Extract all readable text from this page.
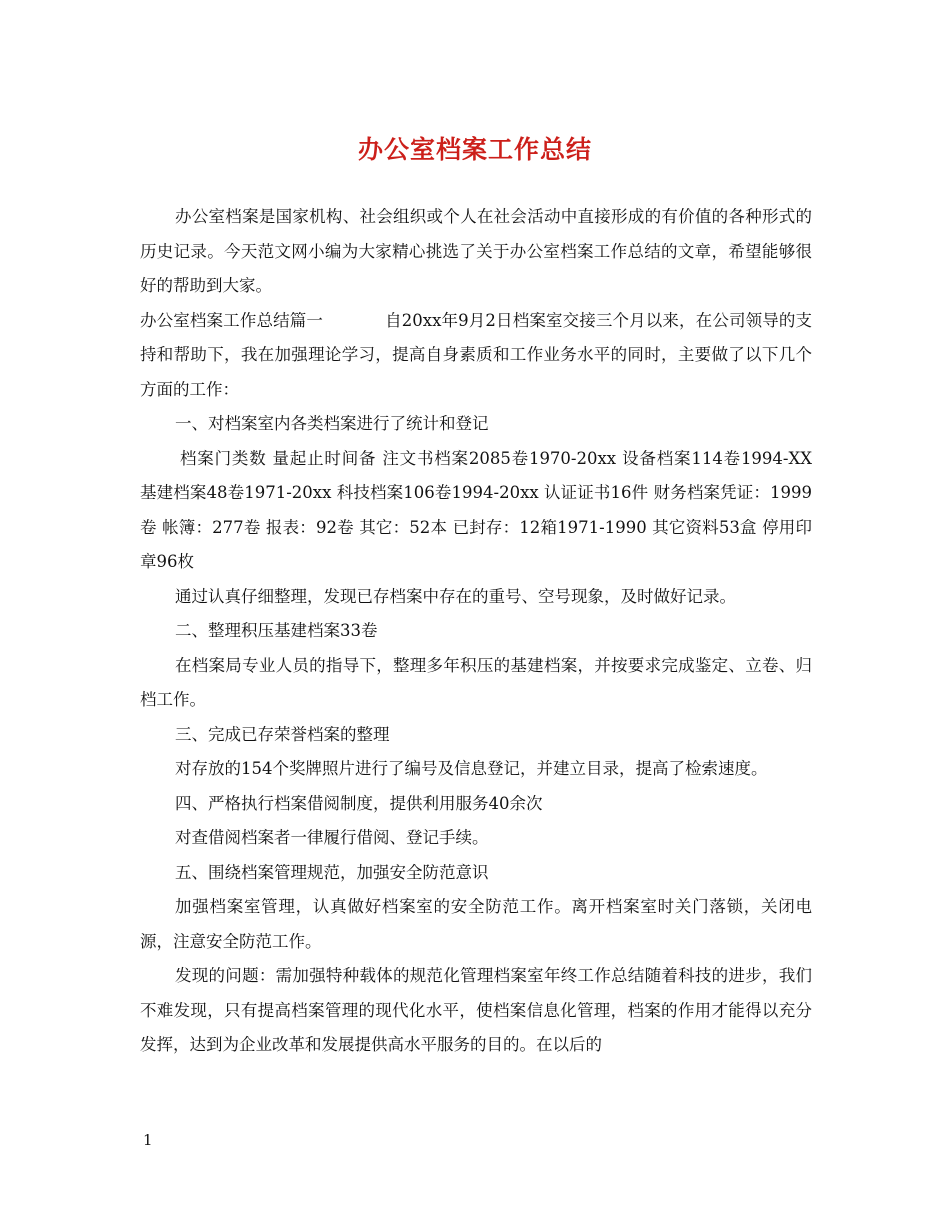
办公室档案工作总结

办公室档案是国家机构、社会组织或个人在社会活动中直接形成的有价值的各种形式的历史记录。今天范文网小编为大家精心挑选了关于办公室档案工作总结的文章，希望能够很好的帮助到大家。

办公室档案工作总结篇一	自20xx年9月2日档案室交接三个月以来，在公司领导的支持和帮助下，我在加强理论学习，提高自身素质和工作业务水平的同时，主要做了以下几个方面的工作：

一、对档案室内各类档案进行了统计和登记

档案门类数 量起止时间备 注文书档案2085卷1970-20xx 设备档案114卷1994-XX 基建档案48卷1971-20xx 科技档案106卷1994-20xx 认证证书16件 财务档案凭证：1999卷 帐簿：277卷 报表：92卷 其它：52本 已封存：12箱1971-1990 其它资料53盒 停用印章96枚

通过认真仔细整理，发现已存档案中存在的重号、空号现象，及时做好记录。

二、整理积压基建档案33卷

在档案局专业人员的指导下，整理多年积压的基建档案，并按要求完成鉴定、立卷、归档工作。

三、完成已存荣誉档案的整理

对存放的154个奖牌照片进行了编号及信息登记，并建立目录，提高了检索速度。

四、严格执行档案借阅制度，提供利用服务40余次

对查借阅档案者一律履行借阅、登记手续。

五、围绕档案管理规范，加强安全防范意识

加强档案室管理，认真做好档案室的安全防范工作。离开档案室时关门落锁，关闭电源，注意安全防范工作。

发现的问题：需加强特种载体的规范化管理档案室年终工作总结随着科技的进步，我们不难发现，只有提高档案管理的现代化水平，使档案信息化管理，档案的作用才能得以充分发挥，达到为企业改革和发展提供高水平服务的目的。在以后的

1
